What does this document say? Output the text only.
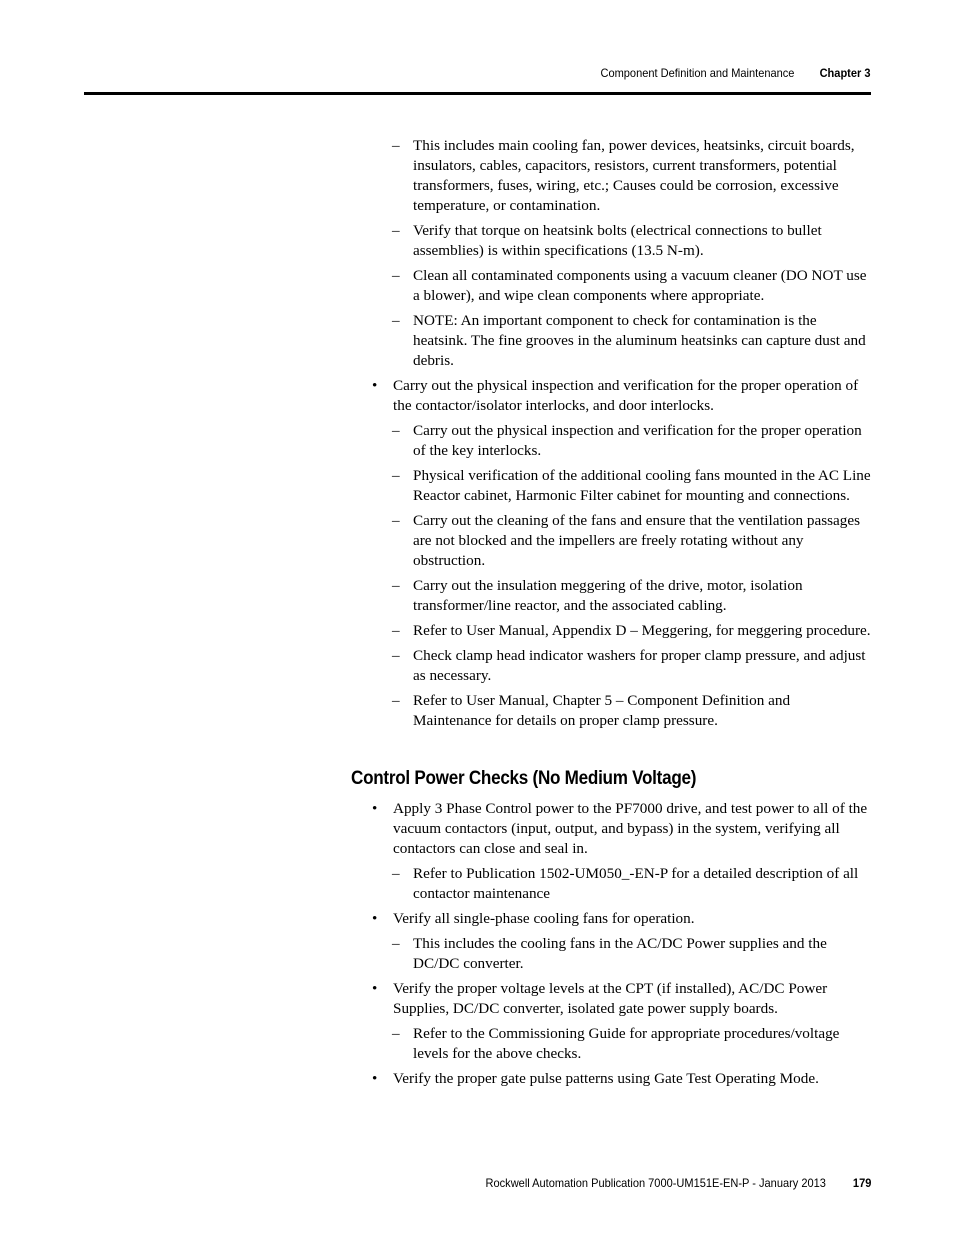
Component Definition and Maintenance Chapter 3
– This includes main cooling fan, power devices, heatsinks, circuit boards, insulators, cables, capacitors, resistors, current transformers, potential transformers, fuses, wiring, etc.; Causes could be corrosion, excessive temperature, or contamination.
– Verify that torque on heatsink bolts (electrical connections to bullet assemblies) is within specifications (13.5 N-m).
– Clean all contaminated components using a vacuum cleaner (DO NOT use a blower), and wipe clean components where appropriate.
– NOTE: An important component to check for contamination is the heatsink. The fine grooves in the aluminum heatsinks can capture dust and debris.
• Carry out the physical inspection and verification for the proper operation of the contactor/isolator interlocks, and door interlocks.
– Carry out the physical inspection and verification for the proper operation of the key interlocks.
– Physical verification of the additional cooling fans mounted in the AC Line Reactor cabinet, Harmonic Filter cabinet for mounting and connections.
– Carry out the cleaning of the fans and ensure that the ventilation passages are not blocked and the impellers are freely rotating without any obstruction.
– Carry out the insulation meggering of the drive, motor, isolation transformer/line reactor, and the associated cabling.
– Refer to User Manual, Appendix D – Meggering, for meggering procedure.
– Check clamp head indicator washers for proper clamp pressure, and adjust as necessary.
– Refer to User Manual, Chapter 5 – Component Definition and Maintenance for details on proper clamp pressure.
Control Power Checks (No Medium Voltage)
• Apply 3 Phase Control power to the PF7000 drive, and test power to all of the vacuum contactors (input, output, and bypass) in the system, verifying all contactors can close and seal in.
– Refer to Publication 1502-UM050_-EN-P for a detailed description of all contactor maintenance
• Verify all single-phase cooling fans for operation.
– This includes the cooling fans in the AC/DC Power supplies and the DC/DC converter.
• Verify the proper voltage levels at the CPT (if installed), AC/DC Power Supplies, DC/DC converter, isolated gate power supply boards.
– Refer to the Commissioning Guide for appropriate procedures/voltage levels for the above checks.
• Verify the proper gate pulse patterns using Gate Test Operating Mode.
Rockwell Automation Publication 7000-UM151E-EN-P - January 2013 179
